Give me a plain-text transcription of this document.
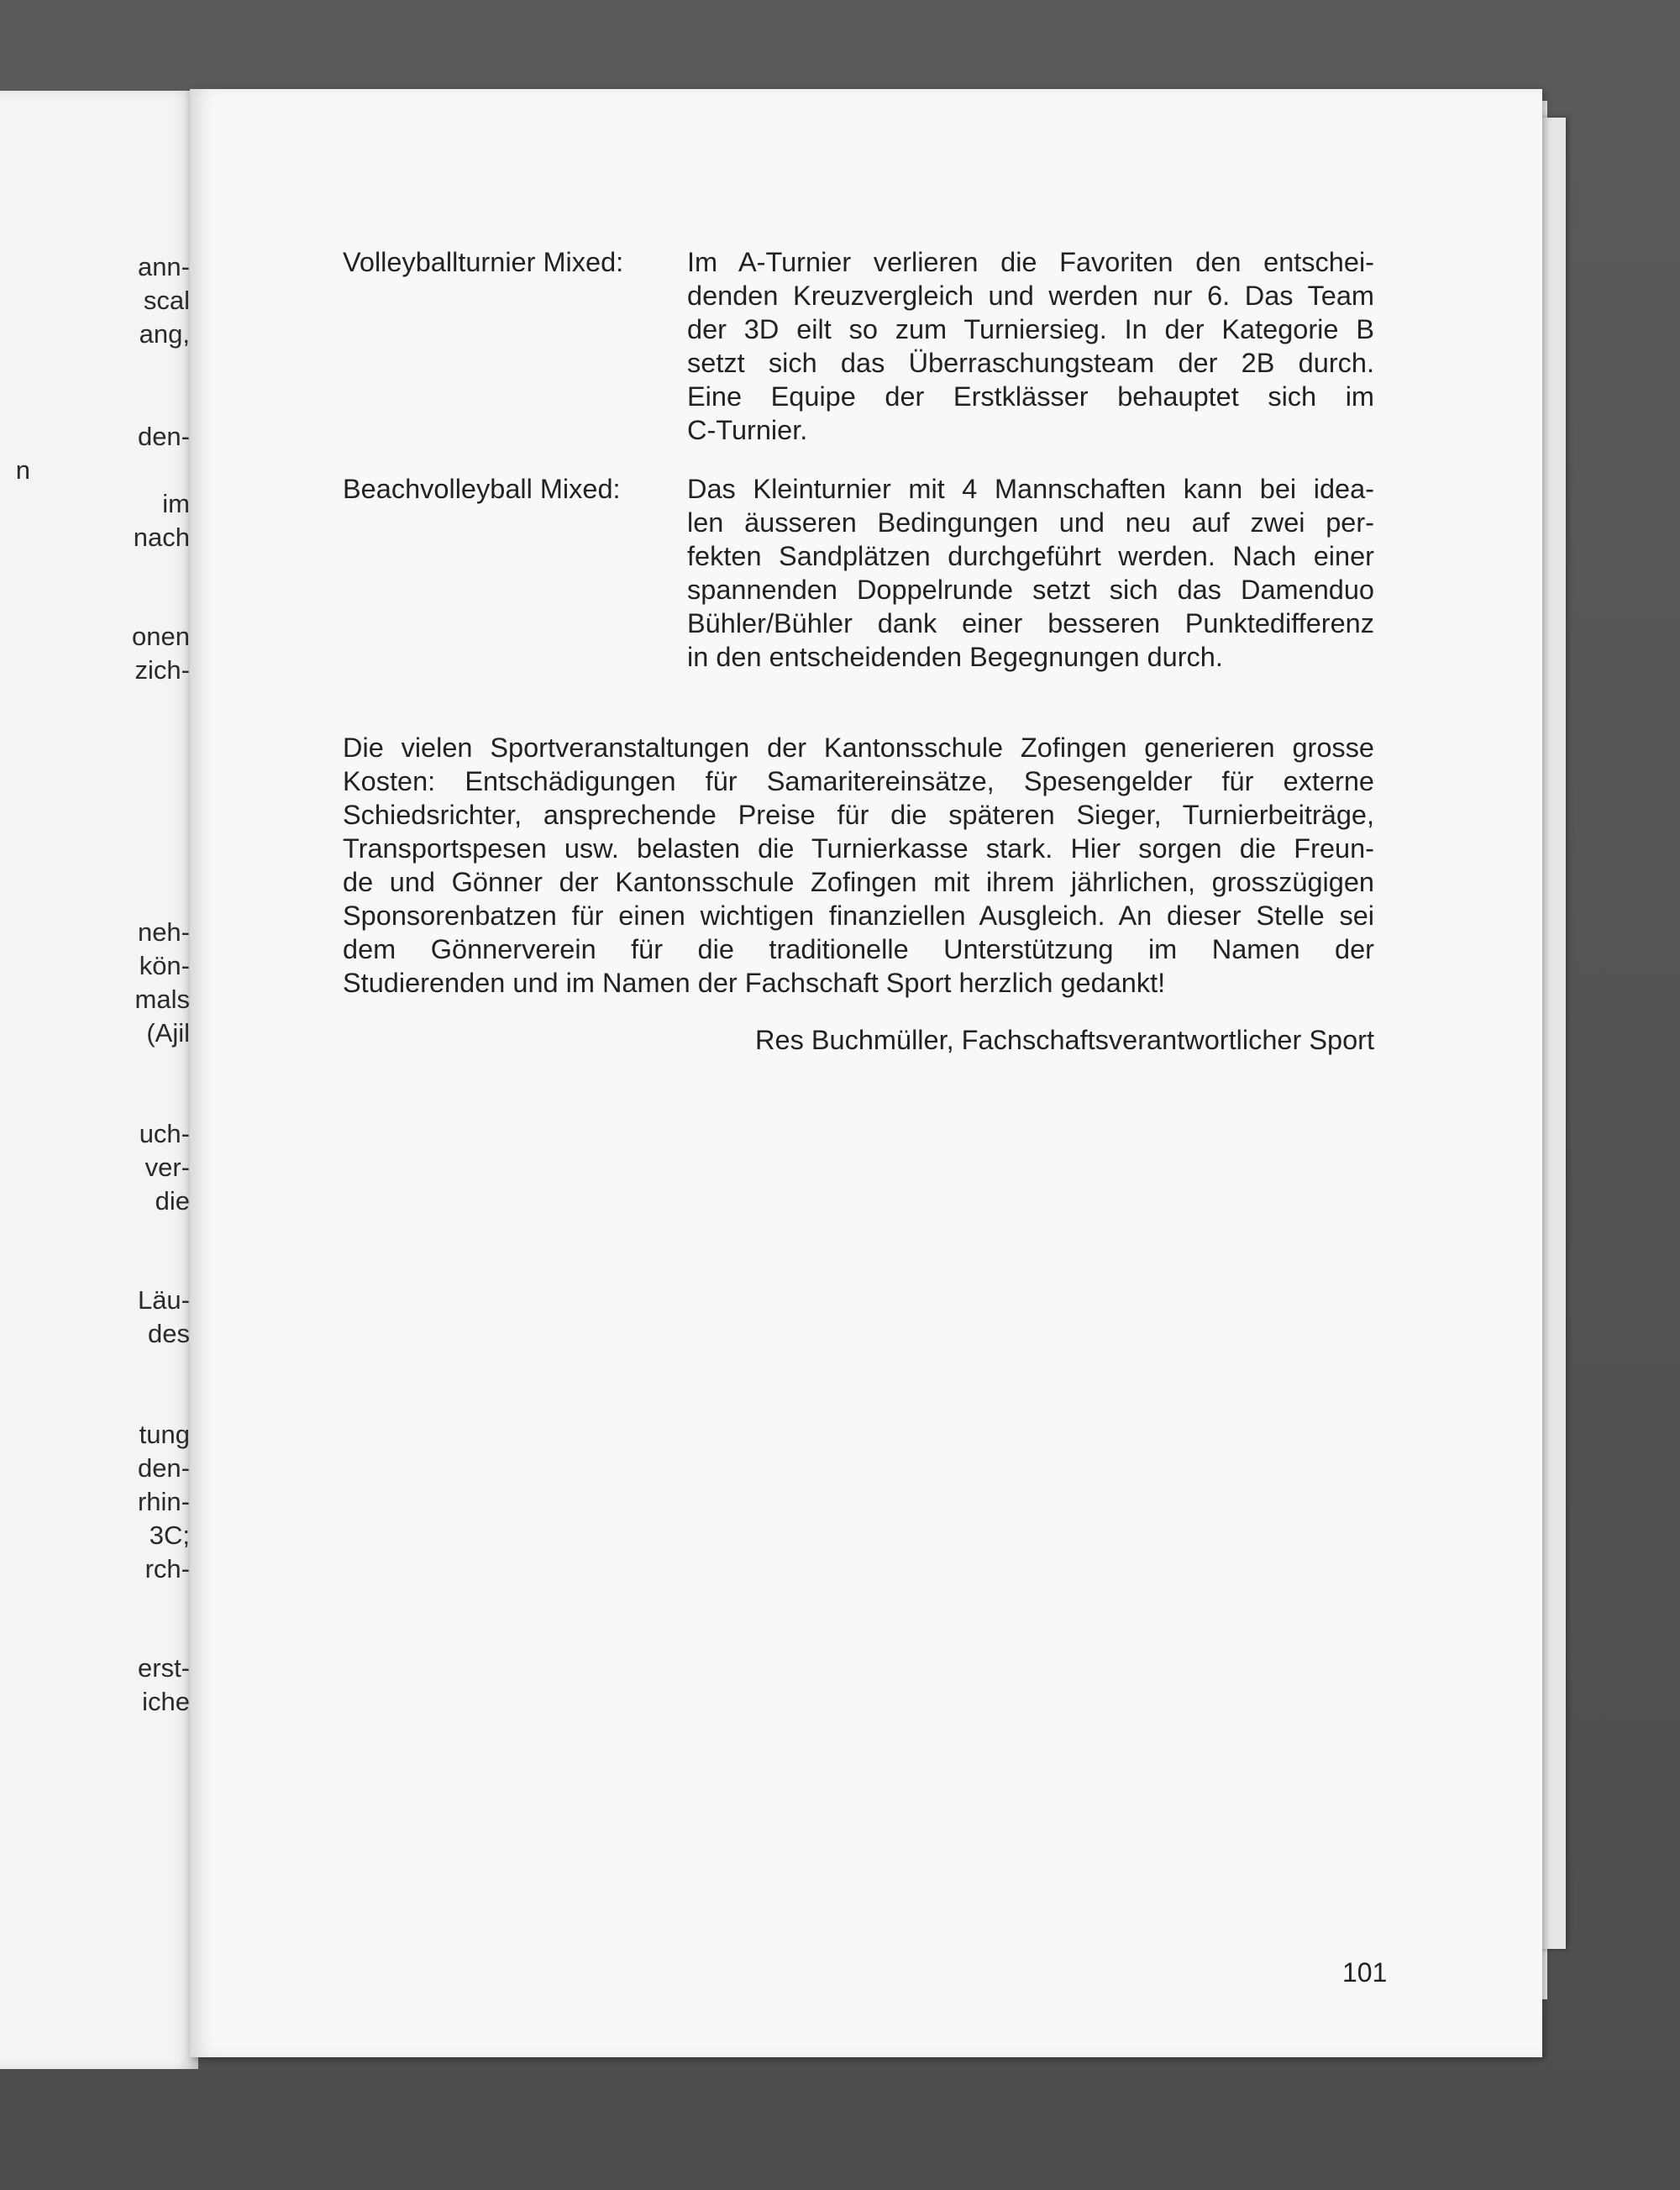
ann-
scal
ang,
den-
n
im
nach
onen
zich-
neh-
kön-
mals
(Ajil
uch-
ver-
die
Läu-
des
tung
den-
rhin-
3C;
rch-
erst-
iche
Volleyballturnier Mixed:	Im A-Turnier verlieren die Favoriten den entschei-
denden Kreuzvergleich und werden nur 6. Das Team
der 3D eilt so zum Turniersieg. In der Kategorie B
setzt sich das Überraschungsteam der 2B durch.
Eine Equipe der Erstklässer behauptet sich im
C-Turnier.
Beachvolleyball Mixed:	Das Kleinturnier mit 4 Mannschaften kann bei idea-
len äusseren Bedingungen und neu auf zwei per-
fekten Sandplätzen durchgeführt werden. Nach einer
spannenden Doppelrunde setzt sich das Damenduo
Bühler/Bühler dank einer besseren Punktedifferenz
in den entscheidenden Begegnungen durch.
Die vielen Sportveranstaltungen der Kantonsschule Zofingen generieren grosse
Kosten: Entschädigungen für Samaritereinsätze, Spesengelder für externe
Schiedsrichter, ansprechende Preise für die späteren Sieger, Turnierbeiträge,
Transportspesen usw. belasten die Turnierkasse stark. Hier sorgen die Freun-
de und Gönner der Kantonsschule Zofingen mit ihrem jährlichen, grosszügigen
Sponsorenbatzen für einen wichtigen finanziellen Ausgleich. An dieser Stelle sei
dem Gönnerverein für die traditionelle Unterstützung im Namen der
Studierenden und im Namen der Fachschaft Sport herzlich gedankt!
Res Buchmüller, Fachschaftsverantwortlicher Sport
101
